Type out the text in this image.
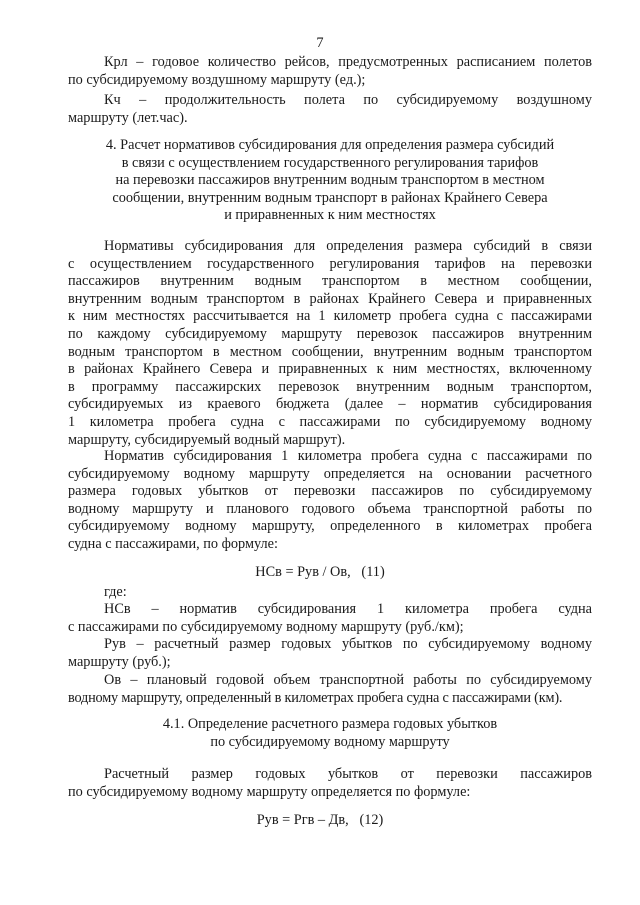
7
Крл – годовое количество рейсов, предусмотренных расписанием полетов
по субсидируемому воздушному маршруту (ед.);
Кч – продолжительность полета по субсидируемому воздушному
маршруту (лет.час).
4. Расчет нормативов субсидирования для определения размера субсидий
в связи с осуществлением государственного регулирования тарифов
на перевозки пассажиров внутренним водным транспортом в местном
сообщении, внутренним водным транспорт в районах Крайнего Севера
и приравненных к ним местностях
Нормативы субсидирования для определения размера субсидий в связи
с осуществлением государственного регулирования тарифов на перевозки
пассажиров внутренним водным транспортом в местном сообщении,
внутренним водным транспортом в районах Крайнего Севера и приравненных
к ним местностях рассчитывается на 1 километр пробега судна с пассажирами
по каждому субсидируемому маршруту перевозок пассажиров внутренним
водным транспортом в местном сообщении, внутренним водным транспортом
в районах Крайнего Севера и приравненных к ним местностях, включенному
в программу пассажирских перевозок внутренним водным транспортом,
субсидируемых из краевого бюджета (далее – норматив субсидирования
1 километра пробега судна с пассажирами по субсидируемому водному
маршруту, субсидируемый водный маршрут).
Норматив субсидирования 1 километра пробега судна с пассажирами по
субсидируемому водному маршруту определяется на основании расчетного
размера годовых убытков от перевозки пассажиров по субсидируемому
водному маршруту и планового годового объема транспортной работы по
субсидируемому водному маршруту, определенного в километрах пробега
судна с пассажирами, по формуле:
НСв = Рув / Ов,   (11)
где:
НСв – норматив субсидирования 1 километра пробега судна
с пассажирами по субсидируемому водному маршруту (руб./км);
Рув – расчетный размер годовых убытков по субсидируемому водному
маршруту (руб.);
Ов – плановый годовой объем транспортной работы по субсидируемому
водному маршруту, определенный в километрах пробега судна с пассажирами (км).
4.1. Определение расчетного размера годовых убытков
по субсидируемому водному маршруту
Расчетный размер годовых убытков от перевозки пассажиров
по субсидируемому водному маршруту определяется по формуле:
Рув = Ргв – Дв,   (12)
